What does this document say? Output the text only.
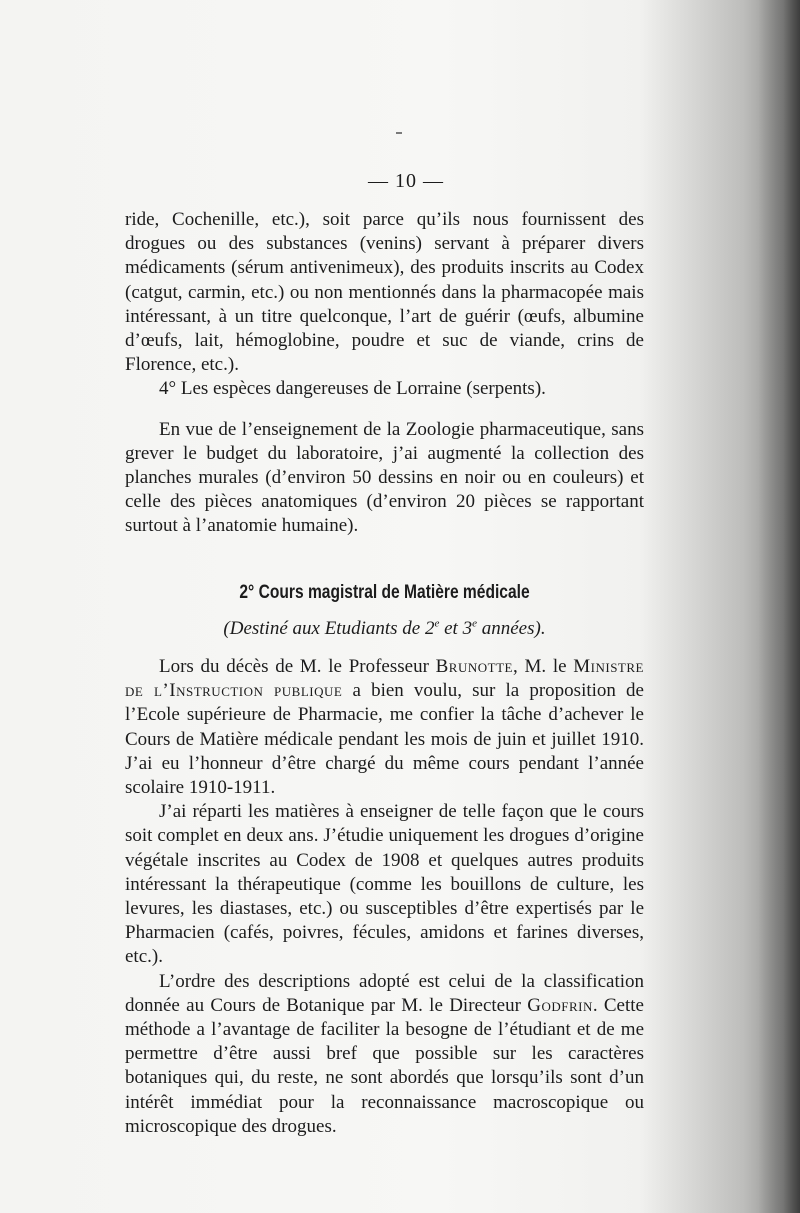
— 10 —

ride, Cochenille, etc.), soit parce qu’ils nous fournissent des drogues ou des substances (venins) servant à préparer divers médicaments (sérum antivenimeux), des produits inscrits au Codex (catgut, carmin, etc.) ou non mentionnés dans la pharmacopée mais intéressant, à un titre quelconque, l’art de guérir (œufs, albumine d’œufs, lait, hémoglobine, poudre et suc de viande, crins de Florence, etc.).

4° Les espèces dangereuses de Lorraine (serpents).

En vue de l’enseignement de la Zoologie pharmaceutique, sans grever le budget du laboratoire, j’ai augmenté la collection des planches murales (d’environ 50 dessins en noir ou en couleurs) et celle des pièces anatomiques (d’environ 20 pièces se rapportant surtout à l’anatomie humaine).

2° Cours magistral de Matière médicale
(Destiné aux Etudiants de 2e et 3e années).

Lors du décès de M. le Professeur Brunotte, M. le Ministre de l’Instruction publique a bien voulu, sur la proposition de l’Ecole supérieure de Pharmacie, me confier la tâche d’achever le Cours de Matière médicale pendant les mois de juin et juillet 1910. J’ai eu l’honneur d’être chargé du même cours pendant l’année scolaire 1910-1911.

J’ai réparti les matières à enseigner de telle façon que le cours soit complet en deux ans. J’étudie uniquement les drogues d’origine végétale inscrites au Codex de 1908 et quelques autres produits intéressant la thérapeutique (comme les bouillons de culture, les levures, les diastases, etc.) ou susceptibles d’être expertisés par le Pharmacien (cafés, poivres, fécules, amidons et farines diverses, etc.).

L’ordre des descriptions adopté est celui de la classification donnée au Cours de Botanique par M. le Directeur Godfrin. Cette méthode a l’avantage de faciliter la besogne de l’étudiant et de me permettre d’être aussi bref que possible sur les caractères botaniques qui, du reste, ne sont abordés que lorsqu’ils sont d’un intérêt immédiat pour la reconnaissance macroscopique ou microscopique des drogues.
